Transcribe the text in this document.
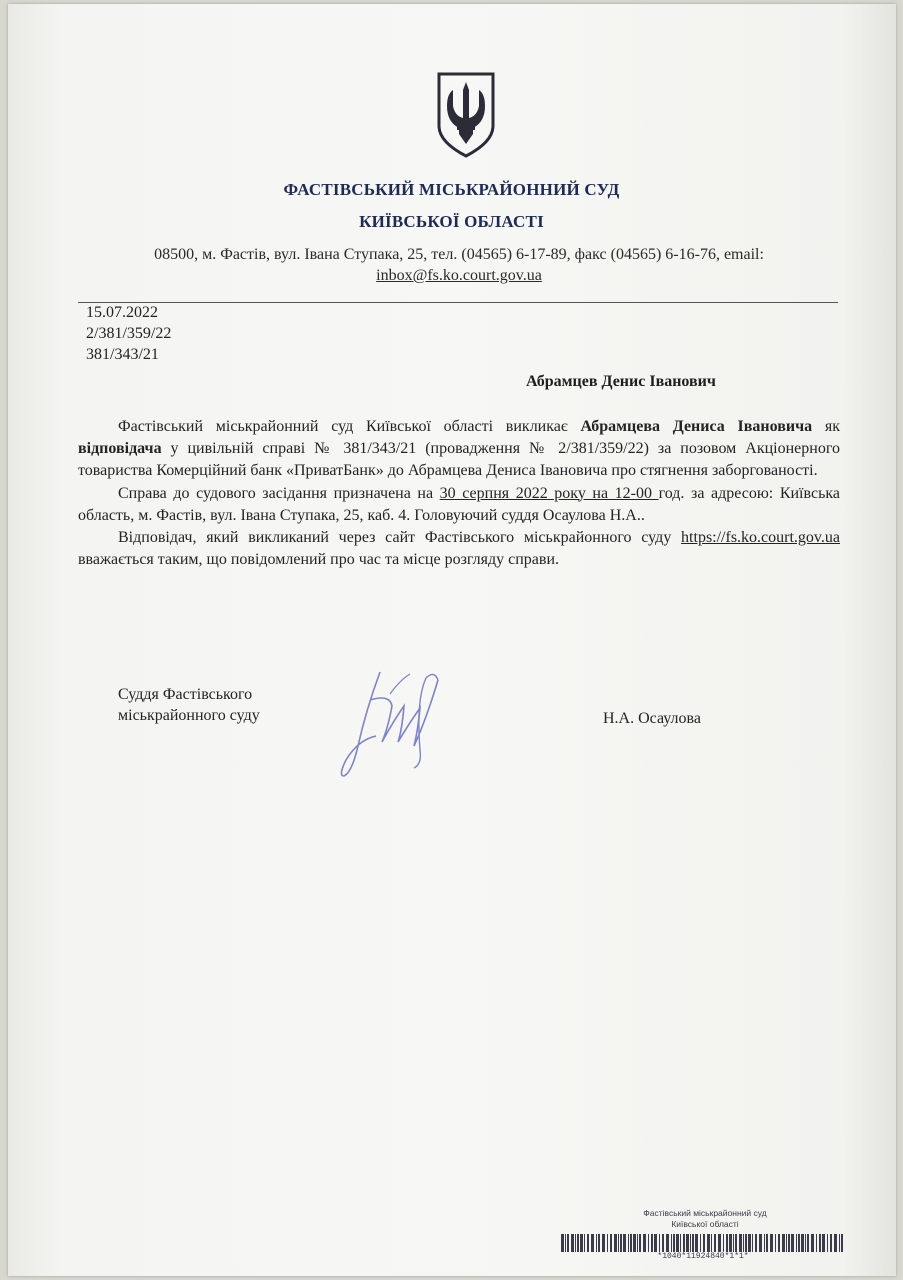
ФАСТІВСЬКИЙ МІСЬКРАЙОННИЙ СУД
КИЇВСЬКОЇ ОБЛАСТІ
08500, м. Фастів, вул. Івана Ступака, 25, тел. (04565) 6-17-89, факс (04565) 6-16-76, email:
inbox@fs.ko.court.gov.ua
15.07.2022
2/381/359/22
381/343/21
Абрамцев Денис Іванович

Фастівський міськрайонний суд Київської області викликає Абрамцева Дениса Івановича як відповідача у цивільній справі № 381/343/21 (провадження № 2/381/359/22) за позовом Акціонерного товариства Комерційний банк «ПриватБанк» до Абрамцева Дениса Івановича про стягнення заборгованості.

Справа до судового засідання призначена на 30 серпня 2022 року на 12-00 год. за адресою: Київська область, м. Фастів, вул. Івана Ступака, 25, каб. 4. Головуючий суддя Осаулова Н.А..

Відповідач, який викликаний через сайт Фастівського міськрайонного суду https://fs.ko.court.gov.ua вважається таким, що повідомлений про час та місце розгляду справи.

Суддя Фастівського
міськрайонного суду	Н.А. Осаулова
Фастівський міськрайонний суд
Київської області
*1040*11924840*1*1*
